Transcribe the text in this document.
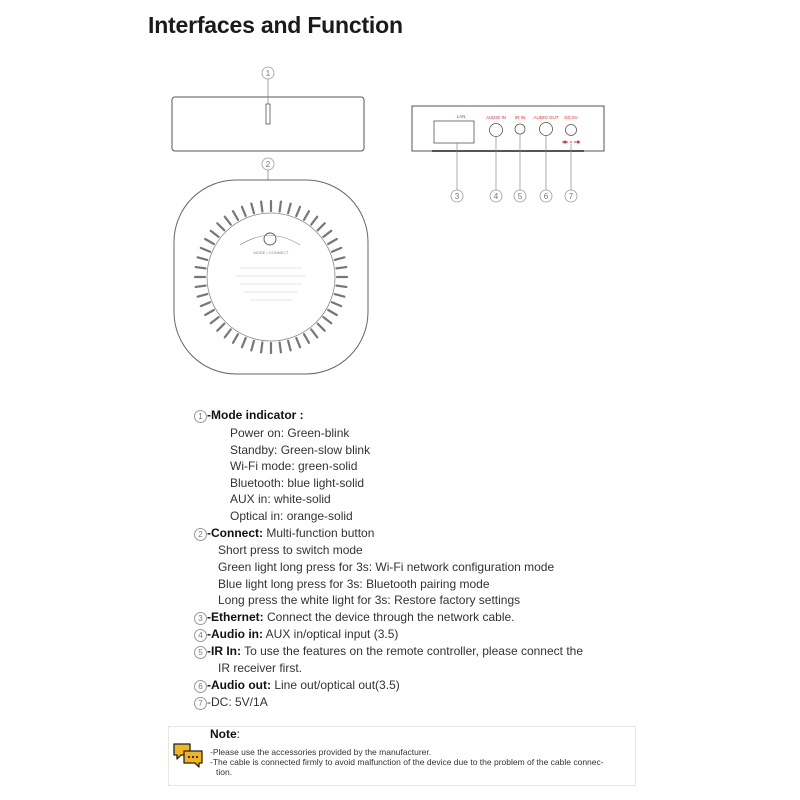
Interfaces and Function
1
LAN	AUDIO IN IR IN AUDIO OUT DC 5V
3	4 5	6	7
2
MODE / CONNECT
1 -Mode indicator :
Power on: Green-blink
Standby: Green-slow blink
Wi-Fi mode: green-solid
Bluetooth: blue light-solid
AUX in: white-solid
Optical in: orange-solid
2 -Connect: Multi-function button
Short press to switch mode
Green light long press for 3s: Wi-Fi network configuration mode
Blue light long press for 3s: Bluetooth pairing mode
Long press the white light for 3s: Restore factory settings
3 -Ethernet: Connect the device through the network cable.
4 -Audio in: AUX in/optical input (3.5)
5 -IR In: To use the features on the remote controller, please connect the
IR receiver first.
6 -Audio out: Line out/optical out(3.5)
7 -DC: 5V/1A
Note:
-Please use the accessories provided by the manufacturer.
-The cable is connected firmly to avoid malfunction of the device due to the problem of the cable connec-
tion.
